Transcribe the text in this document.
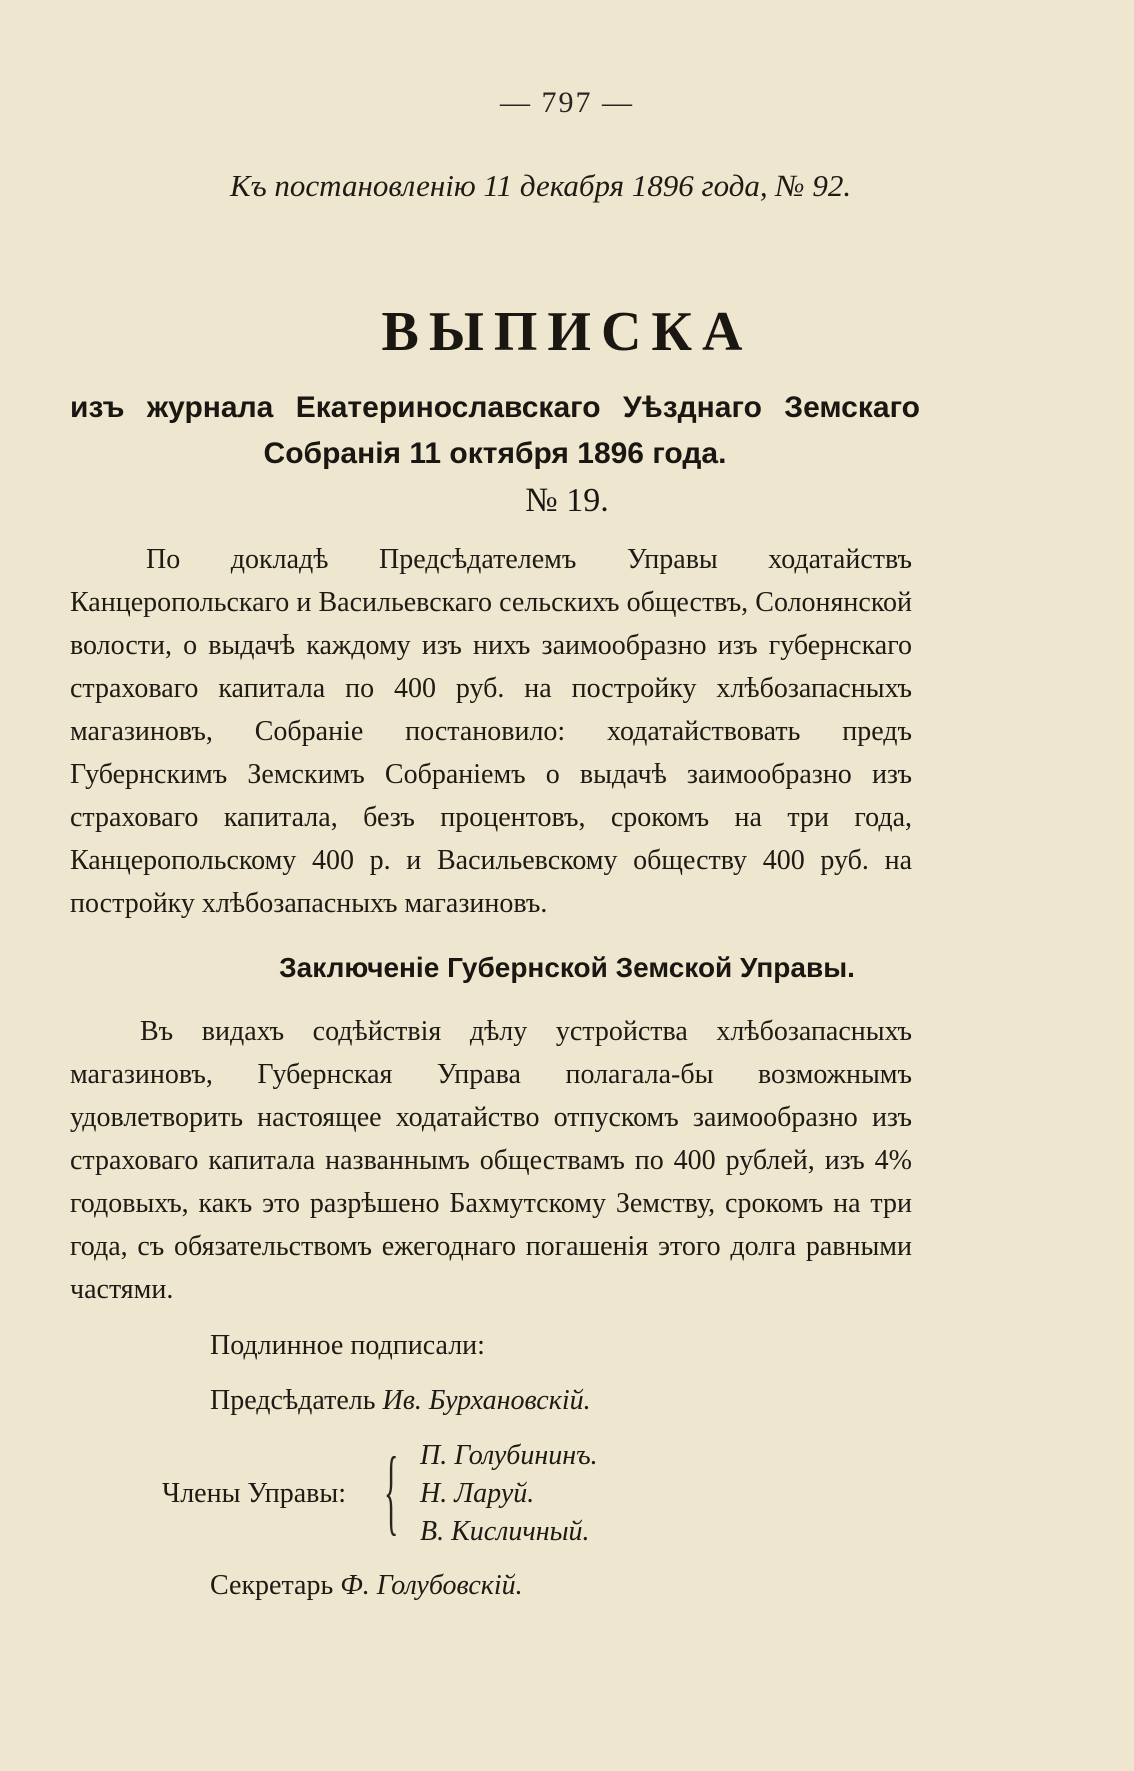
— 797 —
Къ постановленію 11 декабря 1896 года, № 92.
ВЫПИСКА
изъ журнала Екатеринославскаго Уѣзднаго Земскаго Собранія 11 октября 1896 года.
№ 19.
По докладѣ Предсѣдателемъ Управы ходатайствъ Канцеропольскаго и Васильевскаго сельскихъ обществъ, Солонянской волости, о выдачѣ каждому изъ нихъ заимообразно изъ губернскаго страховаго капитала по 400 руб. на постройку хлѣбозапасныхъ магазиновъ, Собраніе постановило: ходатайствовать предъ Губернскимъ Земскимъ Собраніемъ о выдачѣ заимообразно изъ страховаго капитала, безъ процентовъ, срокомъ на три года, Канцеропольскому 400 р. и Васильевскому обществу 400 руб. на постройку хлѣбозапасныхъ магазиновъ.
Заключеніе Губернской Земской Управы.
Въ видахъ содѣйствія дѣлу устройства хлѣбозапасныхъ магазиновъ, Губернская Управа полагала-бы возможнымъ удовлетворить настоящее ходатайство отпускомъ заимообразно изъ страховаго капитала названнымъ обществамъ по 400 рублей, изъ 4% годовыхъ, какъ это разрѣшено Бахмутскому Земству, срокомъ на три года, съ обязательствомъ ежегоднаго погашенія этого долга равными частями.
Подлинное подписали:
Предсѣдатель Ив. Бурхановскій.
Члены Управы: { П. Голубининъ.
Н. Ларуй.
В. Кисличный.
Секретарь Ф. Голубовскій.
